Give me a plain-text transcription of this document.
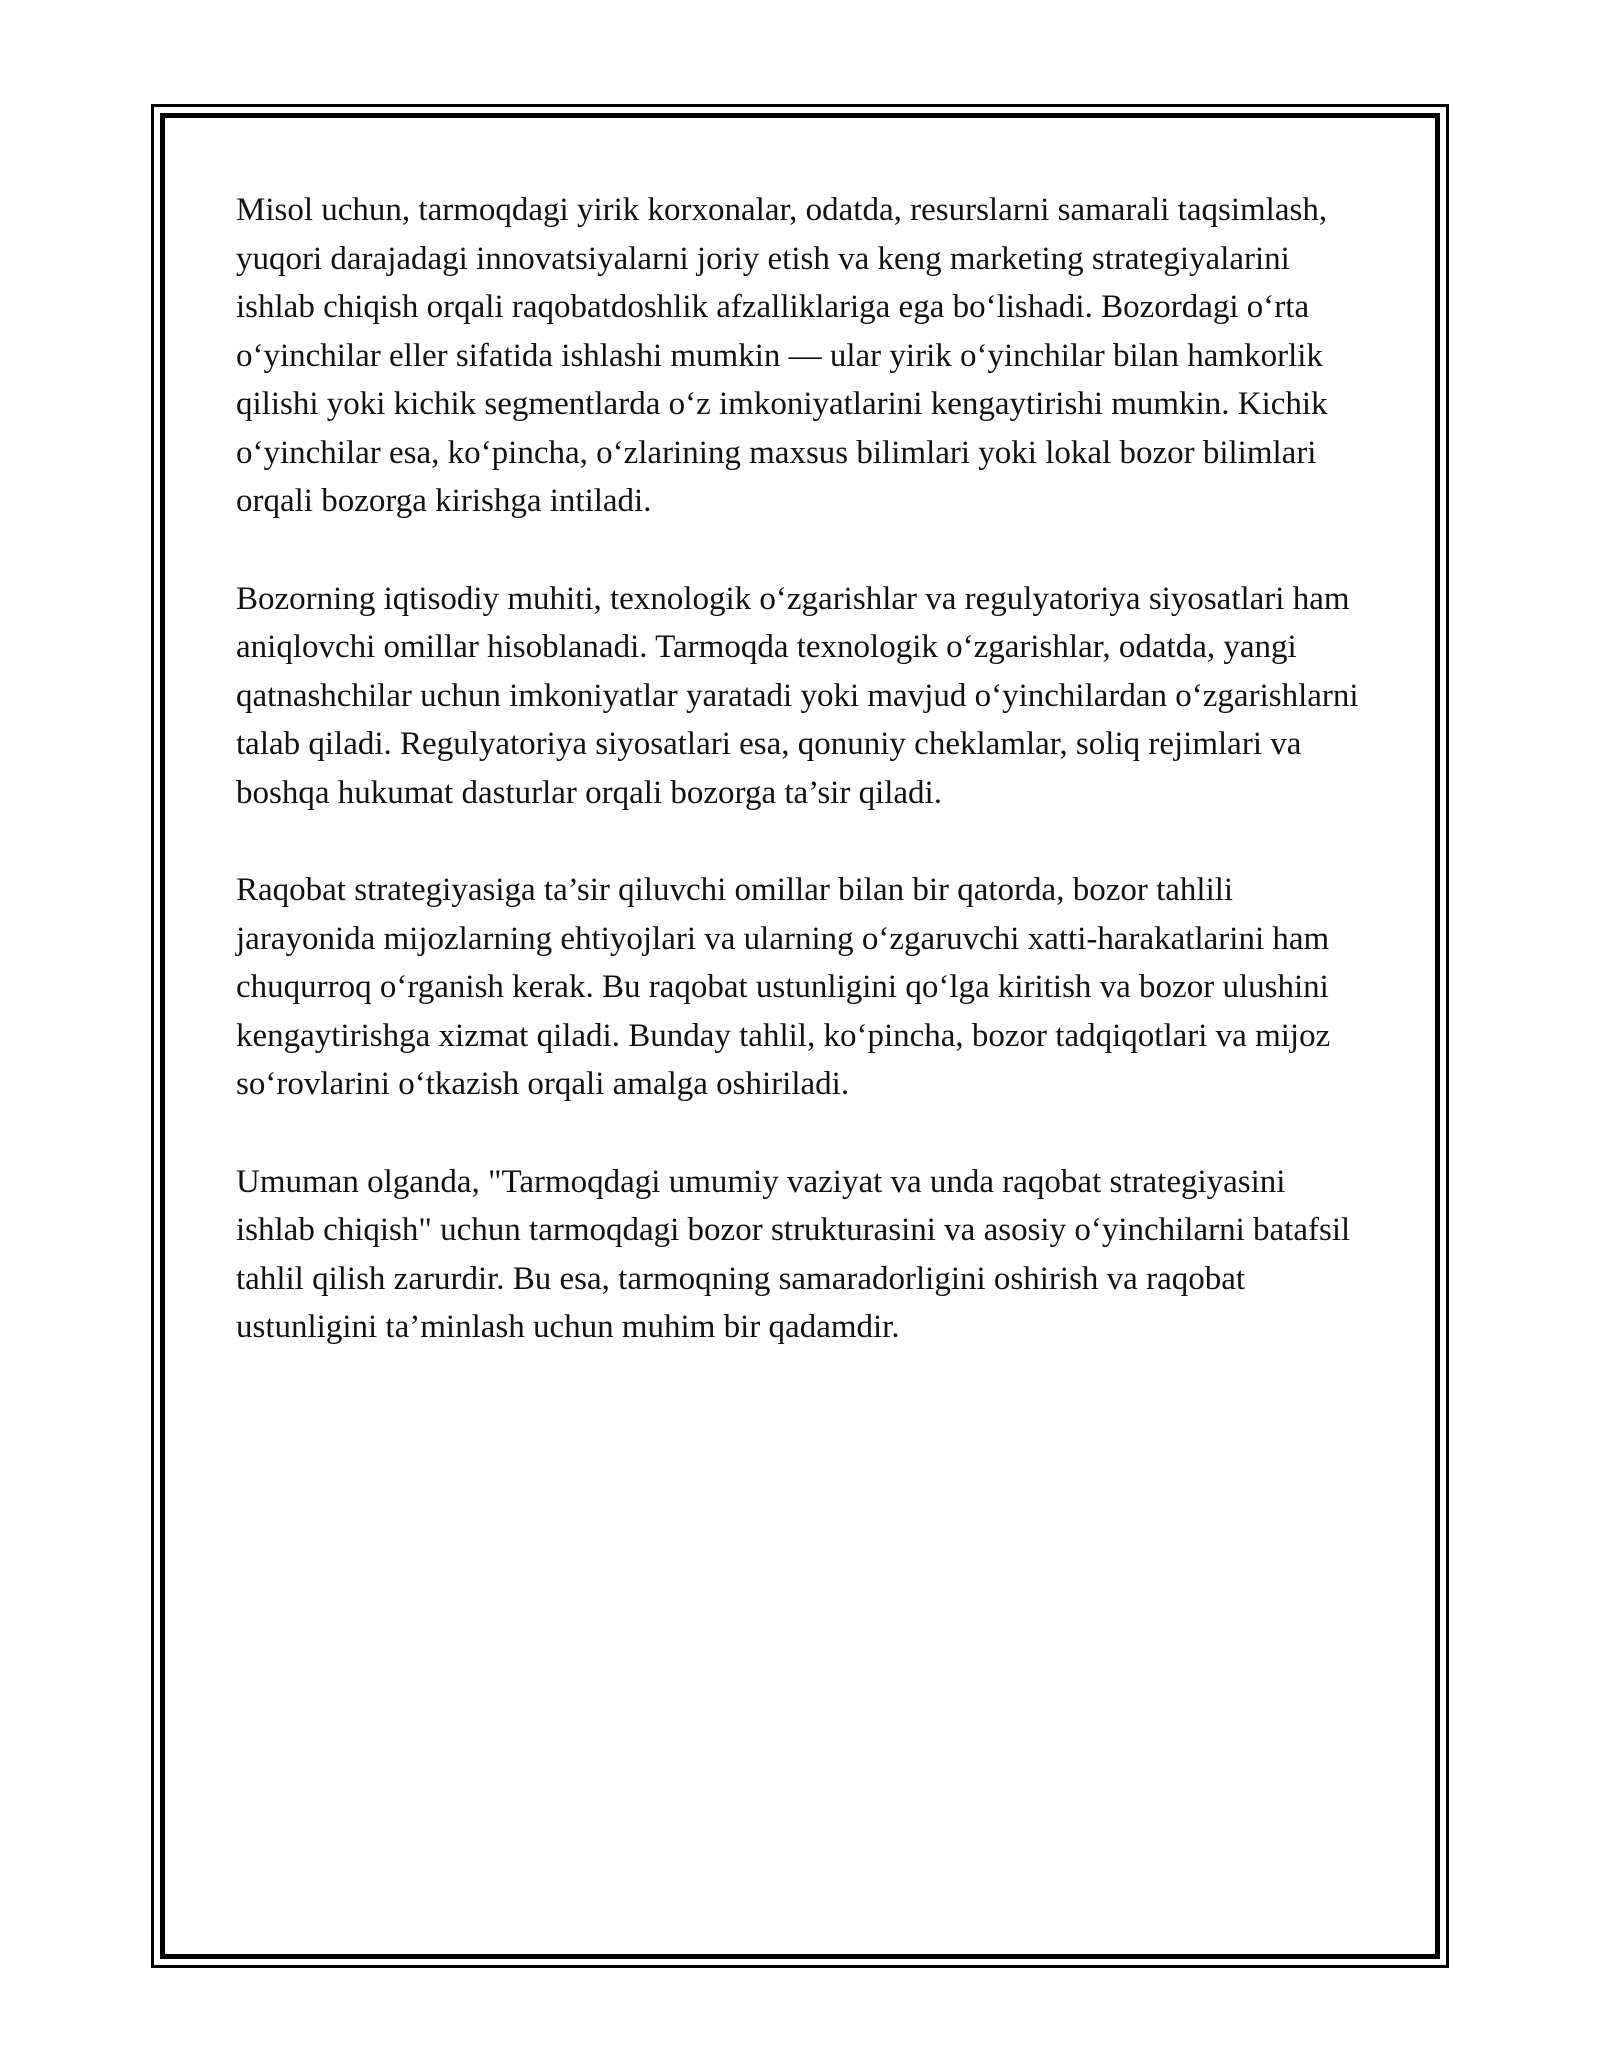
Misol uchun, tarmoqdagi yirik korxonalar, odatda, resurslarni samarali taqsimlash, yuqori darajadagi innovatsiyalarni joriy etish va keng marketing strategiyalarini ishlab chiqish orqali raqobatdoshlik afzalliklariga ega bo‘lishadi. Bozordagi o‘rta o‘yinchilar eller sifatida ishlashi mumkin — ular yirik o‘yinchilar bilan hamkorlik qilishi yoki kichik segmentlarda o‘z imkoniyatlarini kengaytirishi mumkin. Kichik o‘yinchilar esa, ko‘pincha, o‘zlarining maxsus bilimlari yoki lokal bozor bilimlari orqali bozorga kirishga intiladi.

Bozorning iqtisodiy muhiti, texnologik o‘zgarishlar va regulyatoriya siyosatlari ham aniqlovchi omillar hisoblanadi. Tarmoqda texnologik o‘zgarishlar, odatda, yangi qatnashchilar uchun imkoniyatlar yaratadi yoki mavjud o‘yinchilardan o‘zgarishlarni talab qiladi. Regulyatoriya siyosatlari esa, qonuniy cheklamlar, soliq rejimlari va boshqa hukumat dasturlar orqali bozorga ta’sir qiladi.

Raqobat strategiyasiga ta’sir qiluvchi omillar bilan bir qatorda, bozor tahlili jarayonida mijozlarning ehtiyojlari va ularning o‘zgaruvchi xatti-harakatlarini ham chuqurroq o‘rganish kerak. Bu raqobat ustunligini qo‘lga kiritish va bozor ulushini kengaytirishga xizmat qiladi. Bunday tahlil, ko‘pincha, bozor tadqiqotlari va mijoz so‘rovlarini o‘tkazish orqali amalga oshiriladi.

Umuman olganda, "Tarmoqdagi umumiy vaziyat va unda raqobat strategiyasini ishlab chiqish" uchun tarmoqdagi bozor strukturasini va asosiy o‘yinchilarni batafsil tahlil qilish zarurdir. Bu esa, tarmoqning samaradorligini oshirish va raqobat ustunligini ta’minlash uchun muhim bir qadamdir.
